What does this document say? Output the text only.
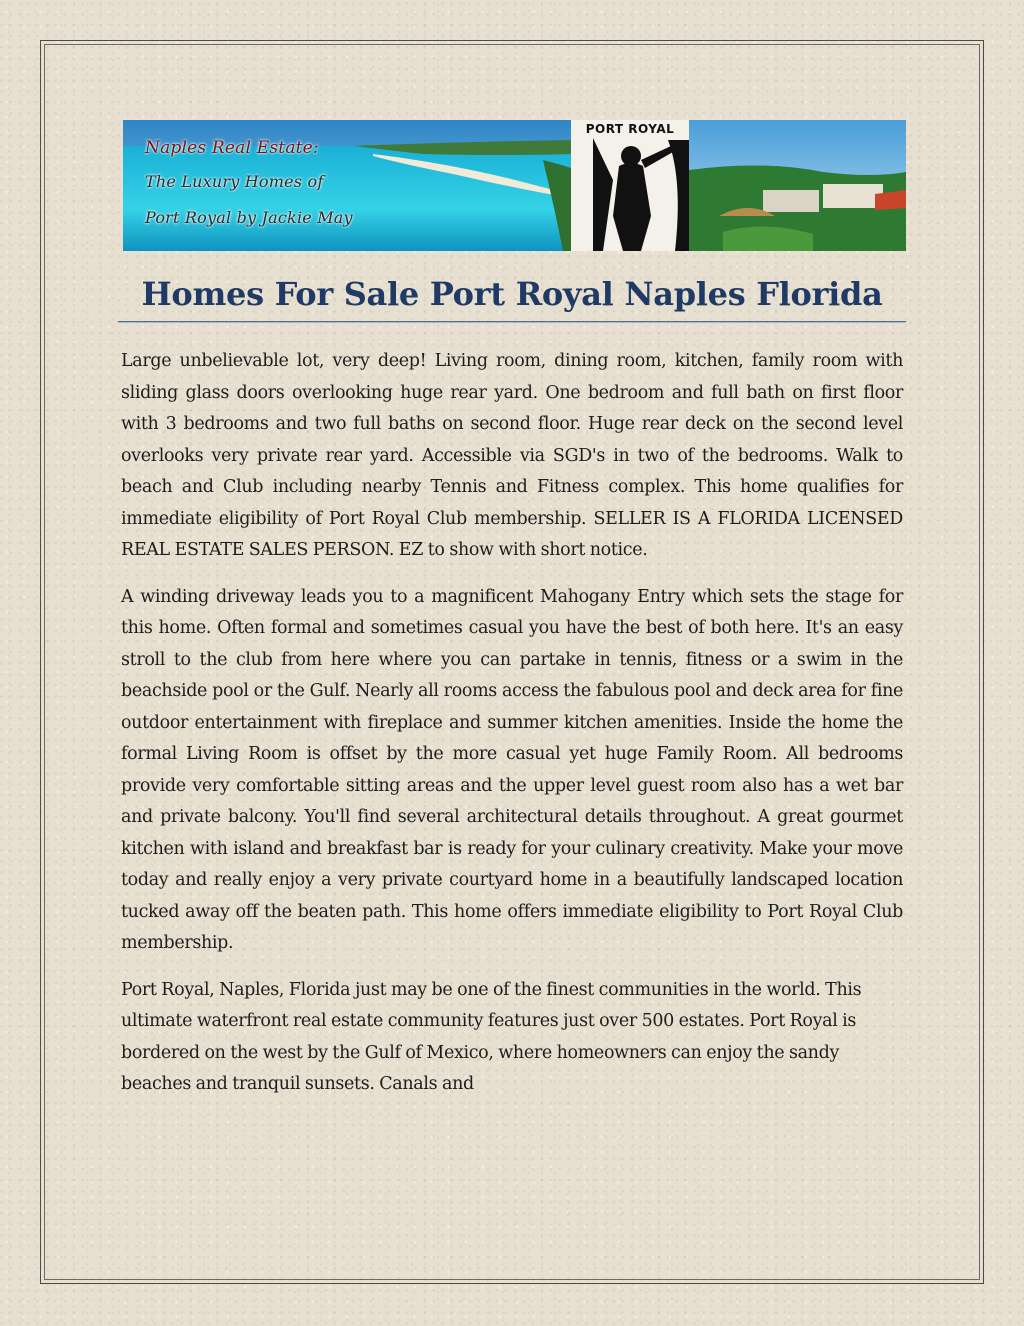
Naples Real Estate:
The Luxury Homes of
Port Royal by Jackie May
PORT ROYAL
Homes For Sale Port Royal Naples Florida

Large unbelievable lot, very deep! Living room, dining room, kitchen, family room with sliding glass doors overlooking huge rear yard. One bedroom and full bath on first floor with 3 bedrooms and two full baths on second floor. Huge rear deck on the second level overlooks very private rear yard. Accessible via SGD's in two of the bedrooms. Walk to beach and Club including nearby Tennis and Fitness complex. This home qualifies for immediate eligibility of Port Royal Club membership. SELLER IS A FLORIDA LICENSED REAL ESTATE SALES PERSON. EZ to show with short notice.

A winding driveway leads you to a magnificent Mahogany Entry which sets the stage for this home. Often formal and sometimes casual you have the best of both here. It's an easy stroll to the club from here where you can partake in tennis, fitness or a swim in the beachside pool or the Gulf. Nearly all rooms access the fabulous pool and deck area for fine outdoor entertainment with fireplace and summer kitchen amenities. Inside the home the formal Living Room is offset by the more casual yet huge Family Room. All bedrooms provide very comfortable sitting areas and the upper level guest room also has a wet bar and private balcony. You'll find several architectural details throughout. A great gourmet kitchen with island and breakfast bar is ready for your culinary creativity. Make your move today and really enjoy a very private courtyard home in a beautifully landscaped location tucked away off the beaten path. This home offers immediate eligibility to Port Royal Club membership.

Port Royal, Naples, Florida just may be one of the finest communities in the world. This ultimate waterfront real estate community features just over 500 estates. Port Royal is bordered on the west by the Gulf of Mexico, where homeowners can enjoy the sandy beaches and tranquil sunsets. Canals and
